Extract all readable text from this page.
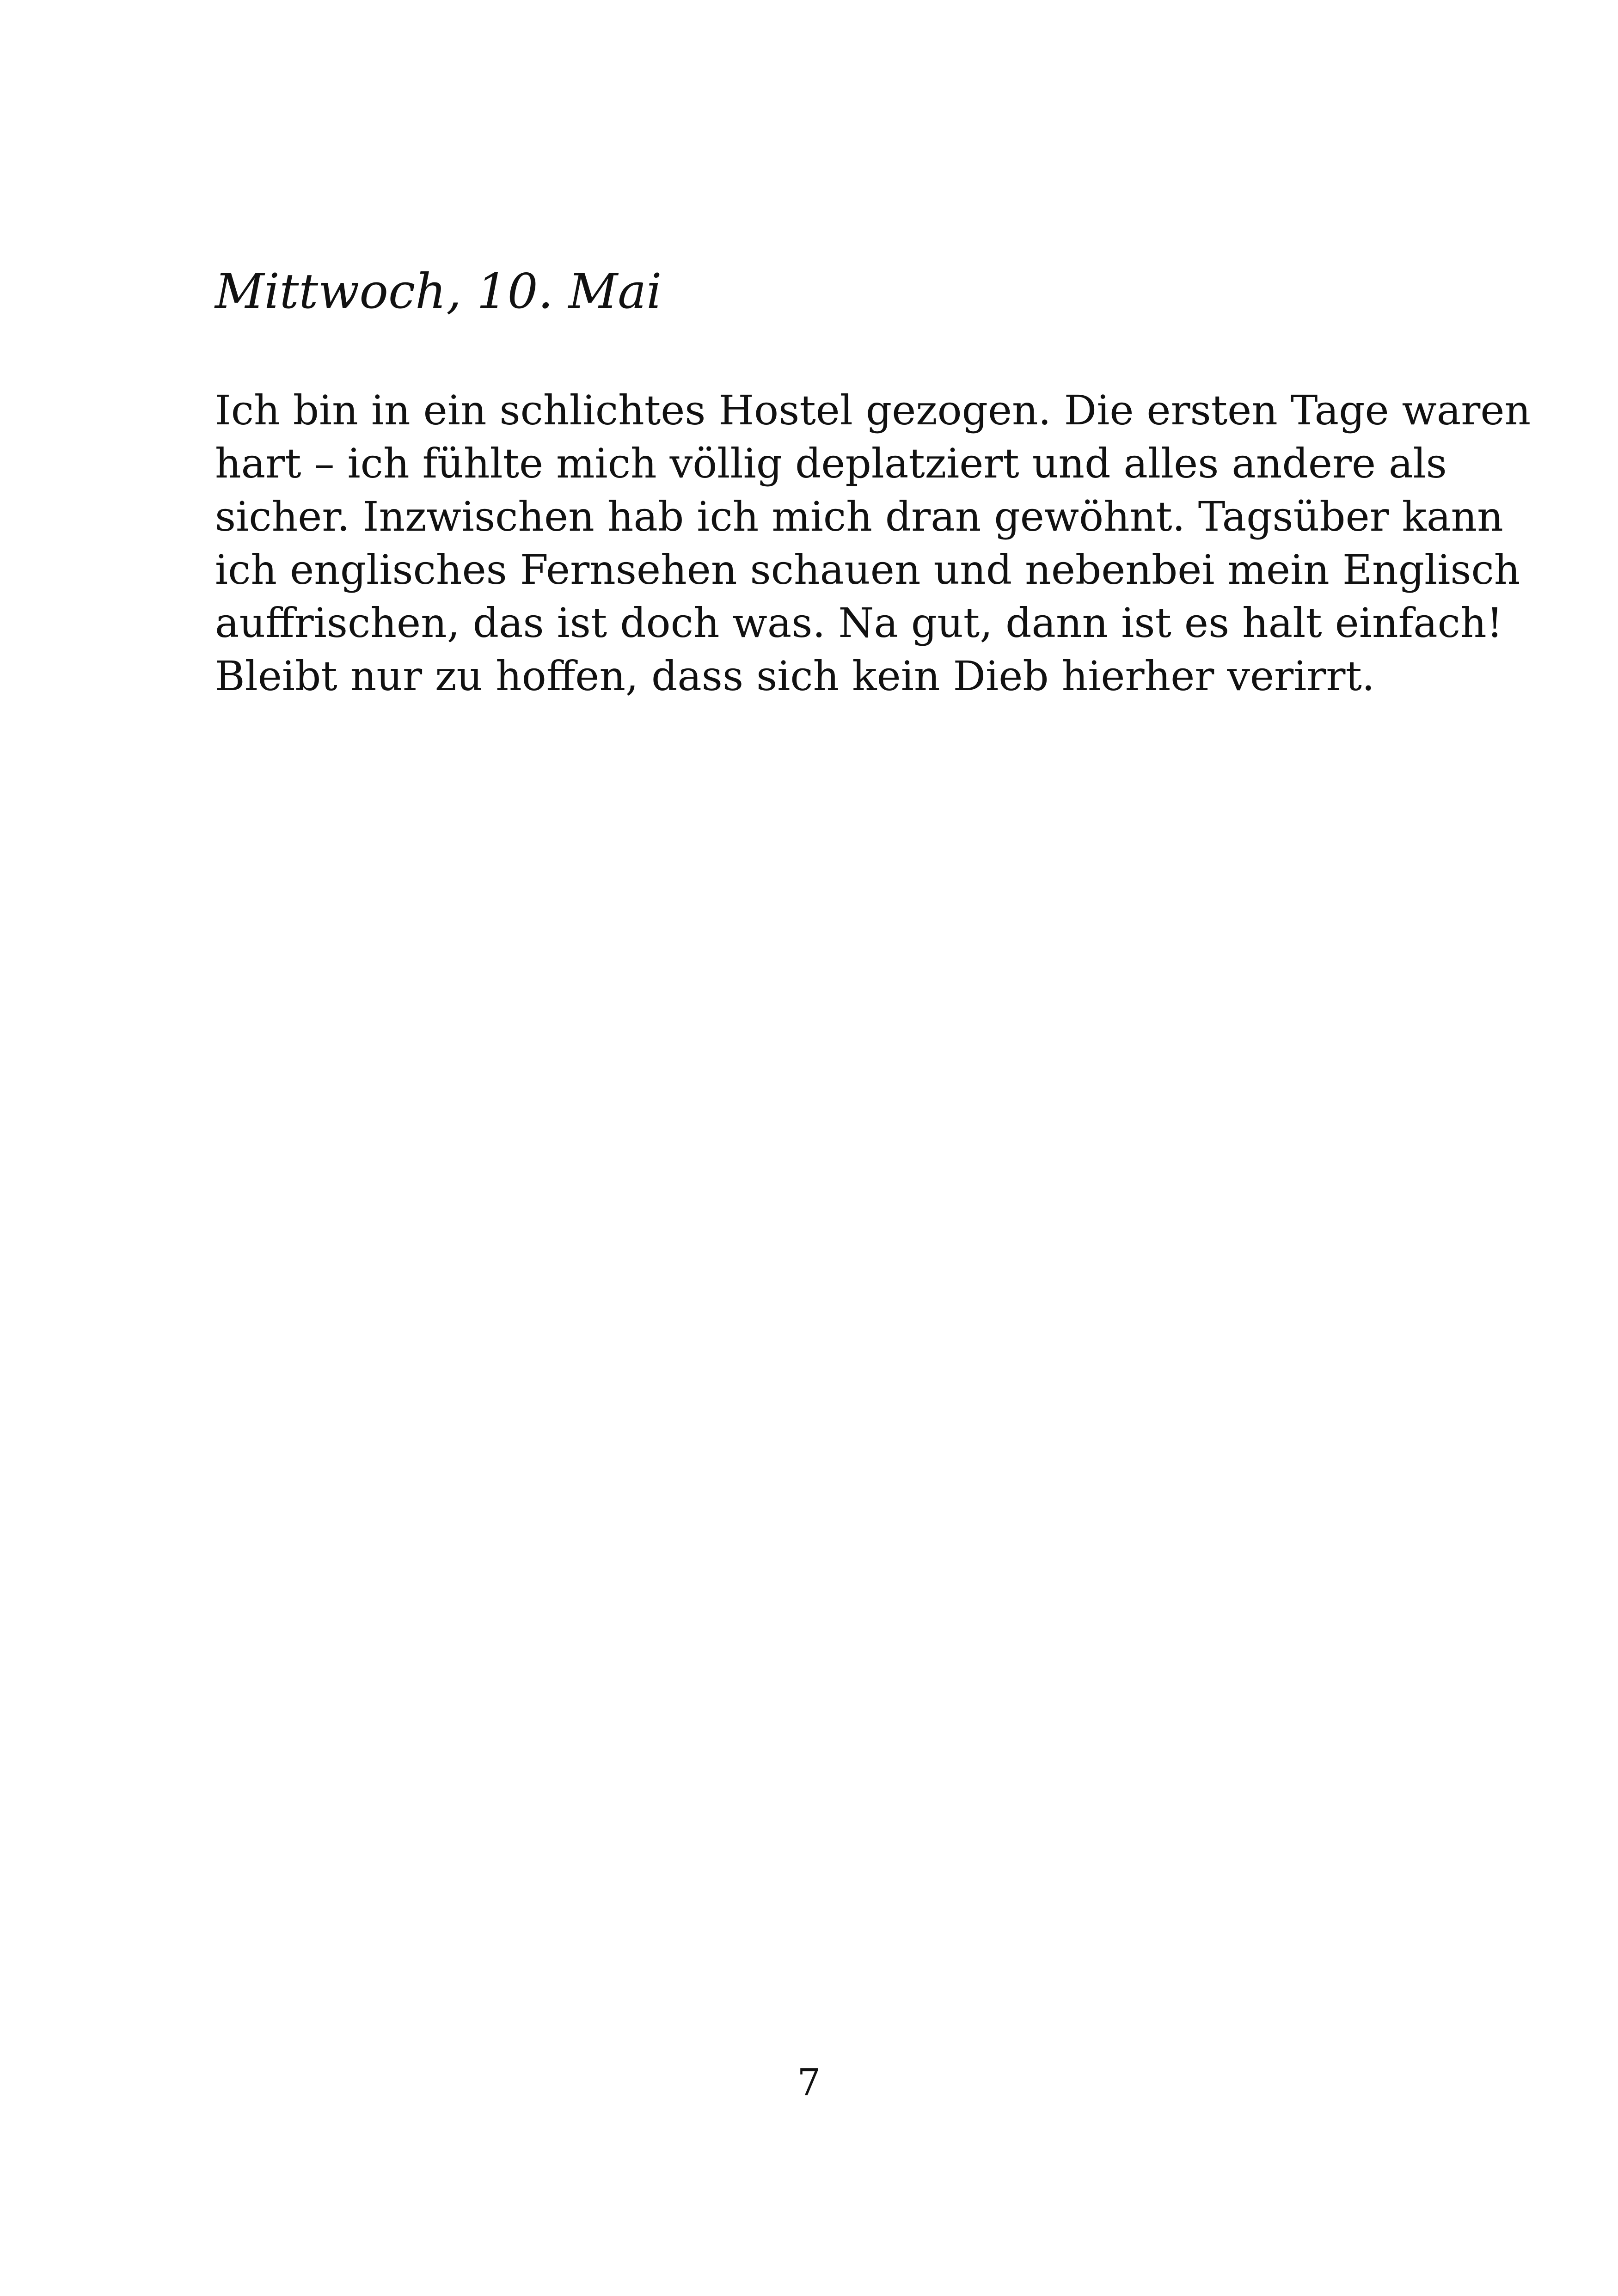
Mittwoch, 10. Mai
Ich bin in ein schlichtes Hostel gezogen. Die ersten Tage waren
hart – ich fühlte mich völlig deplatziert und alles andere als
sicher. Inzwischen hab ich mich dran gewöhnt. Tagsüber kann
ich englisches Fernsehen schauen und nebenbei mein Englisch
auffrischen, das ist doch was. Na gut, dann ist es halt einfach!
Bleibt nur zu hoffen, dass sich kein Dieb hierher verirrt.
7
